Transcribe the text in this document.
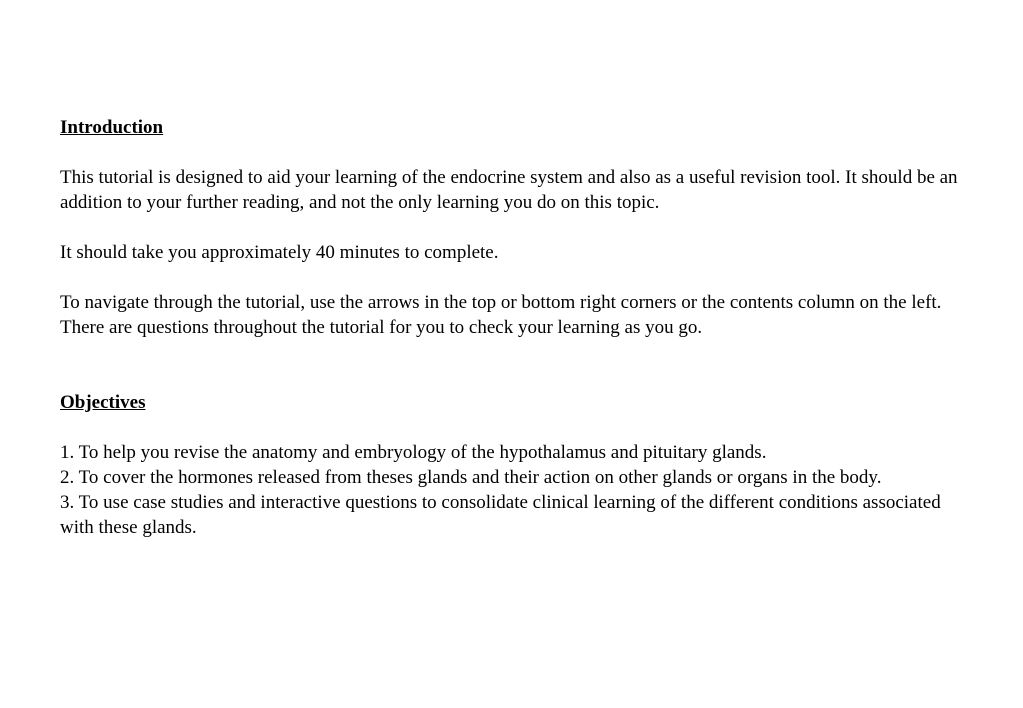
Introduction

This tutorial is designed to aid your learning of the endocrine system and also as a useful revision tool. It should be an addition to your further reading, and not the only learning you do on this topic.

It should take you approximately 40 minutes to complete.

To navigate through the tutorial, use the arrows in the top or bottom right corners or the contents column on the left. There are questions throughout the tutorial for you to check your learning as you go.

Objectives

1. To help you revise the anatomy and embryology of the hypothalamus and pituitary glands.
2. To cover the hormones released from theses glands and their action on other glands or organs in the body.
3. To use case studies and interactive questions to consolidate clinical learning of the different conditions associated with these glands.
